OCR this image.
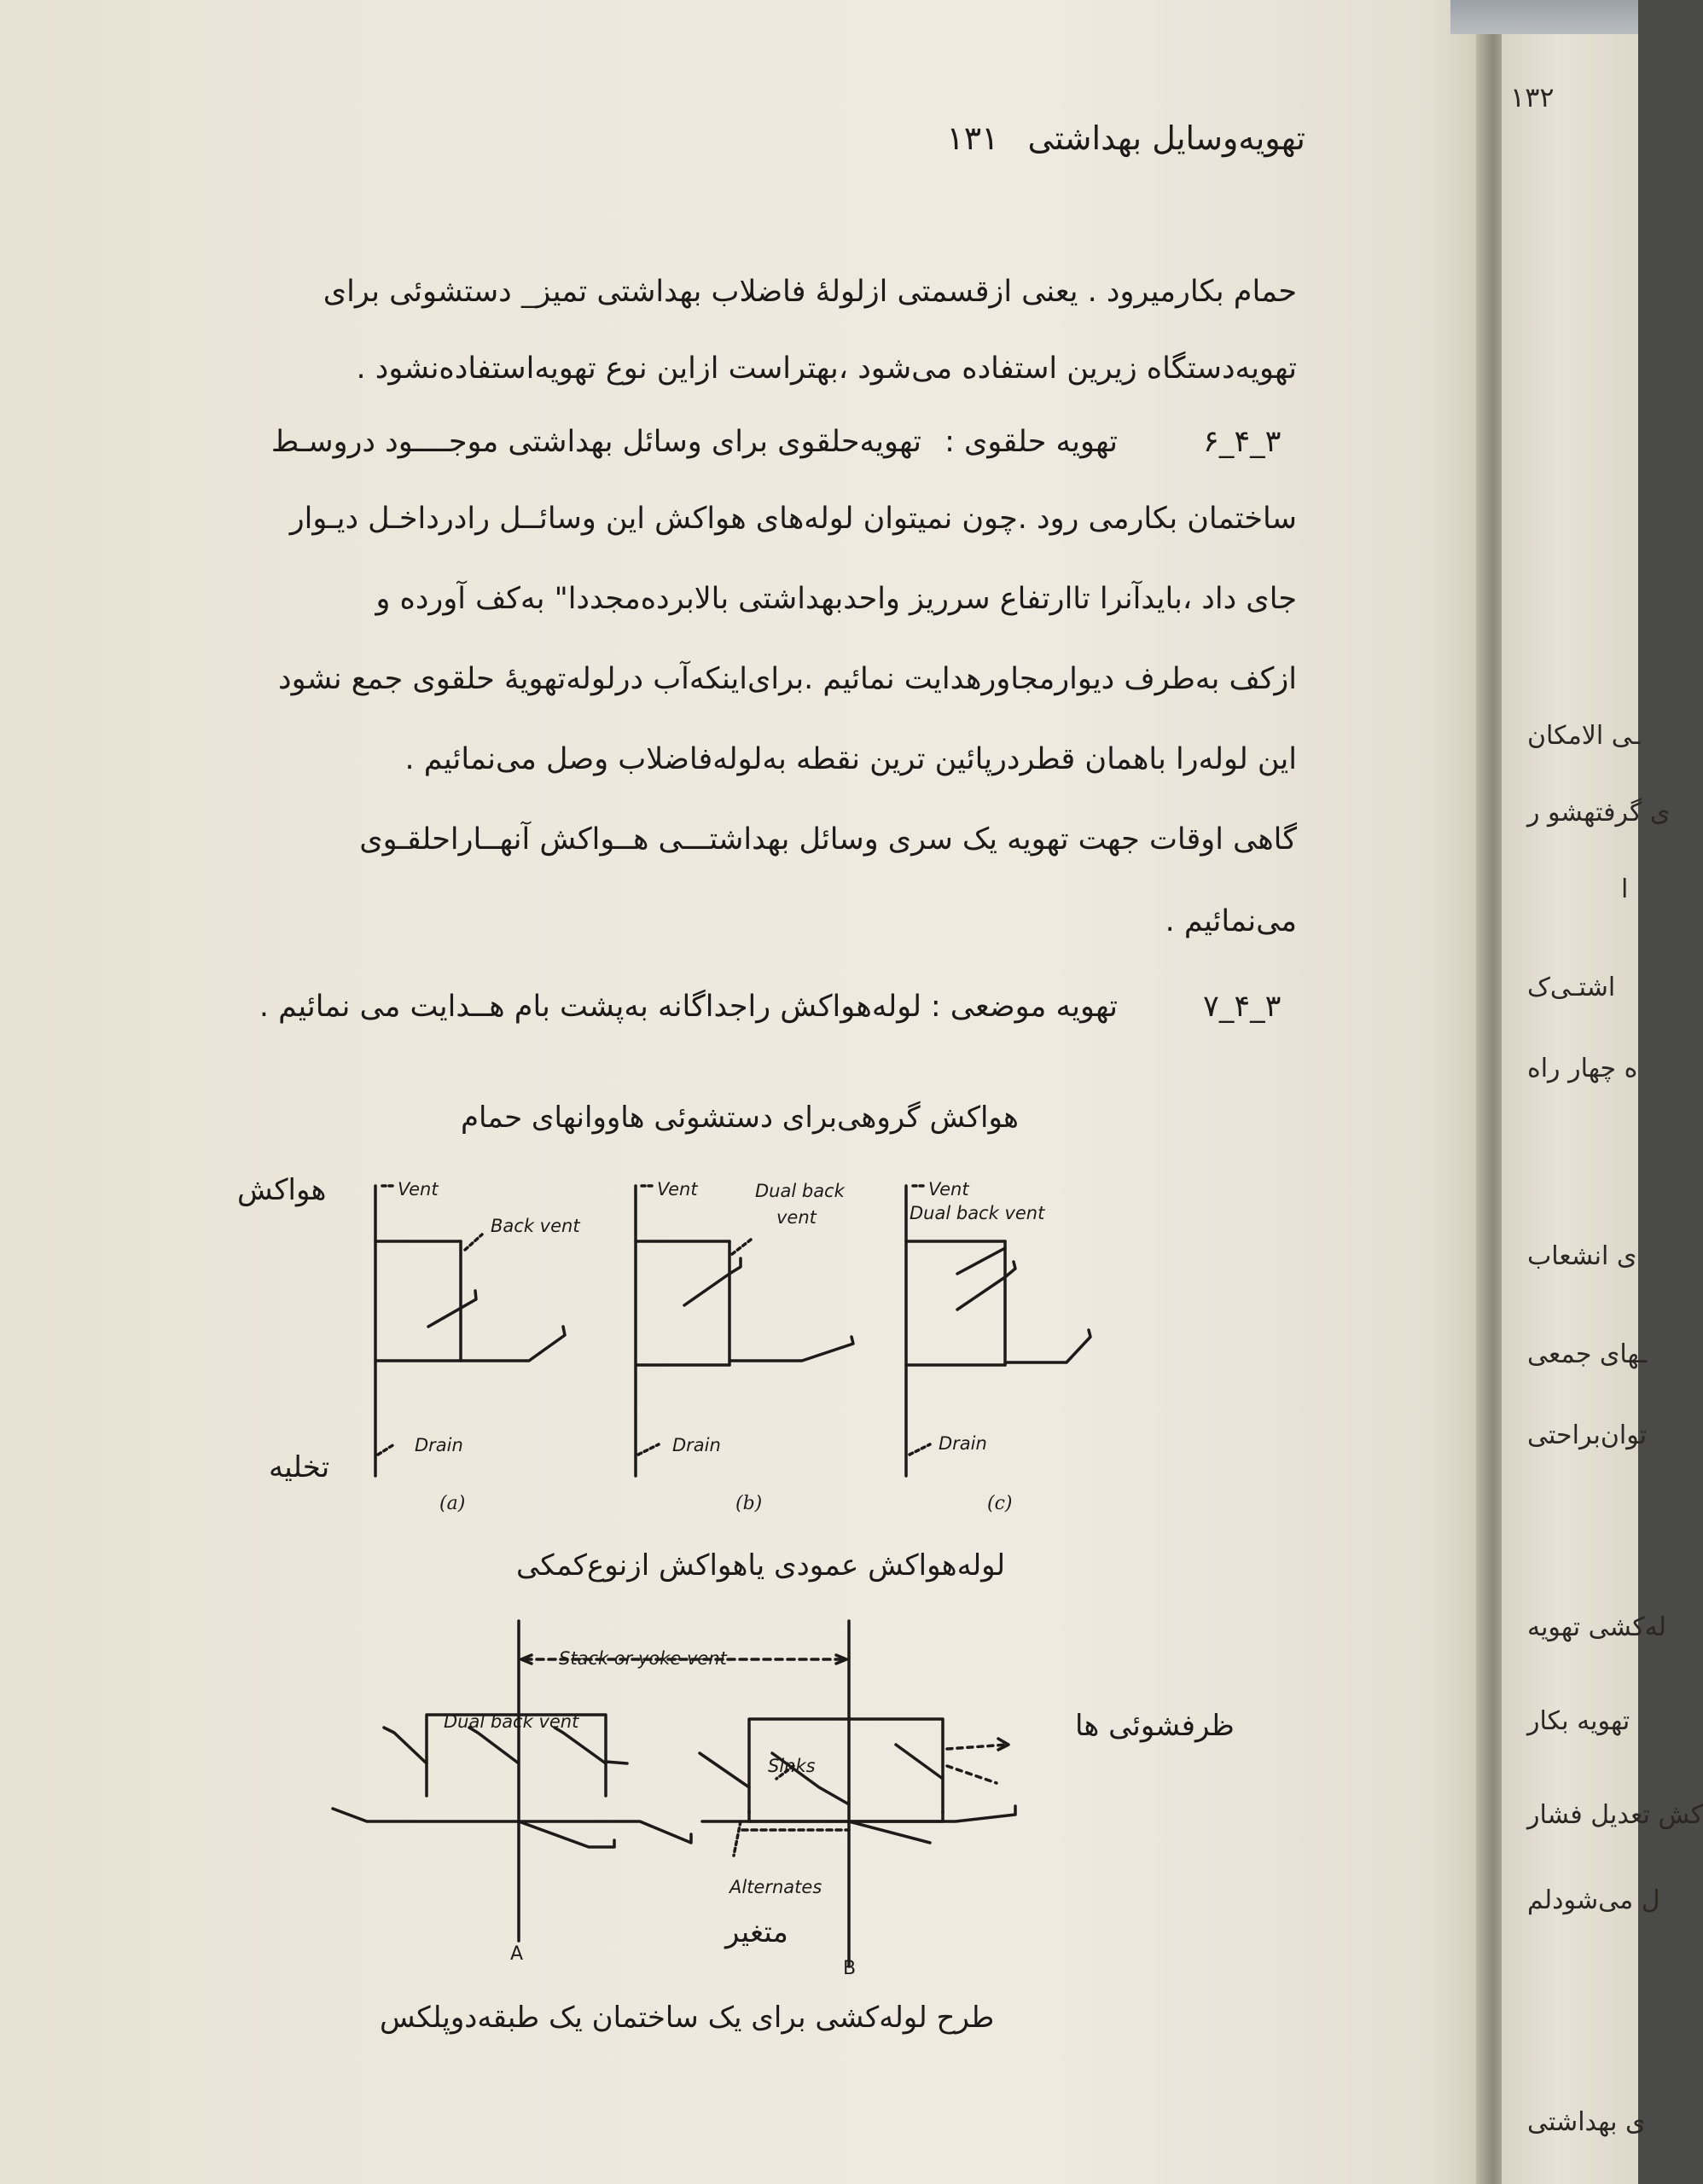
تهویه‌وسایل بهداشتی۱۳۱
حمام بکارمیرود . یعنی ازقسمتی ازلوله‌ٔ فاضلاب بهداشتی تمیز_ دستشوئی برای
تهویه‌دستگاه زیرین استفاده می‌شود ،بهتراست ازاین نوع تهویه‌استفاده‌نشود .
۳_۴_۶
تهویه حلقوی :
تهویه‌حلقوی برای وسائل بهداشتی موجــــود دروسـط
ساختمان بکارمی رود .چون نمیتوان لوله‌های هواکش این وسائــل رادرداخـل دیـوار
جای داد ،بایدآنرا تاارتفاع سرریز واحدبهداشتی بالابرده‌مجددا" به‌کف آورده و
ازکف به‌طرف دیوارمجاورهدایت نمائیم .برای‌اینکه‌آب درلوله‌تهویه‌ٔ حلقوی جمع نشود
این لوله‌را باهمان قطردرپائین ترین نقطه به‌لوله‌فاضلاب وصل می‌نمائیم .
گاهی اوقات جهت تهویه یک سری وسائل بهداشتـــی هــواکش آنهــاراحلقـوی
می‌نمائیم .
۳_۴_۷
تهویه موضعی :
لوله‌هواکش راجداگانه به‌پشت بام هــدایت می نمائیم .
هواکش گروهی‌برای دستشوئی هاووانهای حمام
هواکش
تخلیه
Vent
Back vent
Drain
(a)
Vent	Dual back
vent
Drain
(b)
Vent
Dual back vent
Drain
(c)
لوله‌هواکش عمودی یاهواکش ازنوع‌کمکی
Stack or yoke vent
Dual back vent
Sinks
Alternates
A
B
ظرفشوئی ها
متغیر
طرح لوله‌کشی برای یک ساختمان یک طبقه‌دوپلکس
۱۳۲
ـی الامکان
ی گرفتهشو ر
ا
اشتـی‌ک
ه چهار راه
ی انشعاب
ـهای جمعی
توان‌براحتی
له‌کشی تهویه
تهویه بکار
کش تعدیل فشار
ل می‌شود‌لم
ی بهداشتی
